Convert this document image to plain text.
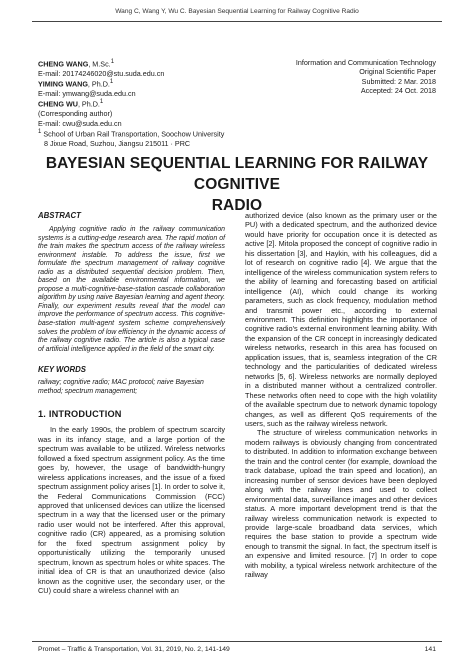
Wang C, Wang Y, Wu C. Bayesian Sequential Learning for Railway Cognitive Radio
CHENG WANG, M.Sc.$^1$
E-mail: 20174246020@stu.suda.edu.cn
YIMING WANG, Ph.D.$^1$
E-mail: ymwang@suda.edu.cn
CHENG WU, Ph.D.$^1$
(Corresponding author)
E-mail: cwu@suda.edu.cn
$^1$ School of Urban Rail Transportation, Soochow University
8 Jixue Road, Suzhou, Jiangsu 215011 · PRC
Information and Communication Technology
Original Scientific Paper
Submitted: 2 Mar. 2018
Accepted: 24 Oct. 2018
BAYESIAN SEQUENTIAL LEARNING FOR RAILWAY COGNITIVE
RADIO
ABSTRACT

Applying cognitive radio in the railway communication systems is a cutting-edge research area. The rapid motion of the train makes the spectrum access of the railway wireless environment instable. To address the issue, first we formulate the spectrum management of railway cognitive radio as a distributed sequential decision problem. Then, based on the available environmental information, we propose a multi-cognitive-base-station cascade collaboration algorithm by using naive Bayesian learning and agent theory. Finally, our experiment results reveal that the model can improve the performance of spectrum access. This cognitive-base-station multi-agent system scheme comprehensively solves the problem of low efficiency in the dynamic access of the railway cognitive radio. The article is also a typical case of artificial intelligence applied in the field of the smart city.

KEY WORDS

railway; cognitive radio; MAC protocol; naive Bayesian method; spectrum management;

1. INTRODUCTION

In the early 1990s, the problem of spectrum scarcity was in its infancy stage, and a large portion of the spectrum was available to be utilized. Wireless networks followed a fixed spectrum assignment policy. As the time goes by, however, the usage of bandwidth-hungry wireless applications increases, and the issue of a fixed spectrum assignment policy arises [1]. In order to solve it, the Federal Communications Commission (FCC) approved that unlicensed devices can utilize the licensed spectrum in a way that the licensed user or the primary radio user would not be interfered. After this approval, cognitive radio (CR) appeared, as a promising solution for the fixed spectrum assignment policy by opportunistically utilizing the temporarily unused spectrum, known as spectrum holes or white spaces. The initial idea of CR is that an unauthorized device (also known as the cognitive user, the secondary user, or the CU) could share a wireless channel with an

authorized device (also known as the primary user or the PU) with a dedicated spectrum, and the authorized device would have priority for occupation once it is detected as active [2]. Mitola proposed the concept of cognitive radio in his dissertation [3], and Haykin, with his colleagues, did a lot of research on cognitive radio [4]. We argue that the intelligence of the wireless communication system refers to the ability of learning and forecasting based on artificial intelligence (AI), which could change its working parameters, such as clock frequency, modulation method and transmit power etc., according to external environment. This definition highlights the importance of cognitive radio's external environment learning ability. With the expansion of the CR concept in increasingly dedicated wireless networks, research in this area has focused on application issues, that is, seamless integration of the CR technology and the particularities of dedicated wireless networks [5, 6]. Wireless networks are normally deployed in a distributed manner without a centralized controller. These networks often need to cope with the high volatility of the available spectrum due to network dynamic topology changes, as well as different QoS requirements of the users, such as the railway wireless network.

The structure of wireless communication networks in modern railways is obviously changing from concentrated to distributed. In addition to information exchange between the train and the control center (for example, download the track database, upload the train speed and location), an increasing number of sensor devices have been deployed along with the railway lines and used to collect environmental data, surveillance images and other devices status. A more important development trend is that the railway wireless communication network is expected to provide large-scale broadband data services, which requires the base station to provide a spectrum wide enough to transmit the signal. In fact, the spectrum itself is an expensive and limited resource. [7] In order to cope with mobility, a typical wireless network architecture of the railway

Promet – Traffic & Transportation, Vol. 31, 2019, No. 2, 141-149	141
